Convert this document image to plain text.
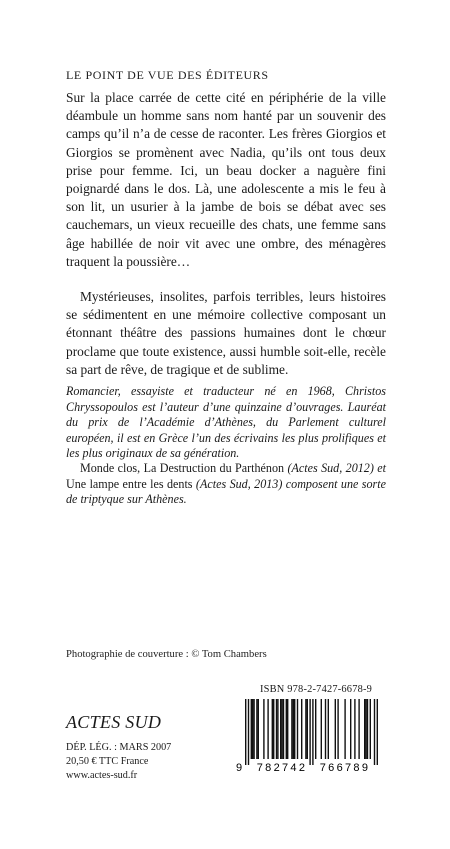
LE POINT DE VUE DES ÉDITEURS

Sur la place carrée de cette cité en périphérie de la ville déambule un homme sans nom hanté par un souvenir des camps qu’il n’a de cesse de raconter. Les frères Giorgios et Giorgios se promènent avec Nadia, qu’ils ont tous deux prise pour femme. Ici, un beau docker a naguère fini poignardé dans le dos. Là, une adolescente a mis le feu à son lit, un usurier à la jambe de bois se débat avec ses cauchemars, un vieux recueille des chats, une femme sans âge habillée de noir vit avec une ombre, des ménagères traquent la poussière…

Mystérieuses, insolites, parfois terribles, leurs histoires se sédimentent en une mémoire collective composant un étonnant théâtre des passions humaines dont le chœur proclame que toute existence, aussi humble soit-elle, recèle sa part de rêve, de tragique et de sublime.

Romancier, essayiste et traducteur né en 1968, Christos Chryssopoulos est l’auteur d’une quinzaine d’ouvrages. Lauréat du prix de l’Académie d’Athènes, du Parlement culturel européen, il est en Grèce l’un des écrivains les plus prolifiques et les plus originaux de sa génération.

Monde clos, La Destruction du Parthénon (Actes Sud, 2012) et Une lampe entre les dents (Actes Sud, 2013) composent une sorte de triptyque sur Athènes.

Photographie de couverture : © Tom Chambers
ACTES SUD
DÉP. LÉG. : MARS 2007
20,50 € TTC France
www.actes-sud.fr
ISBN 978-2-7427-6678-9
9 782742 766789
